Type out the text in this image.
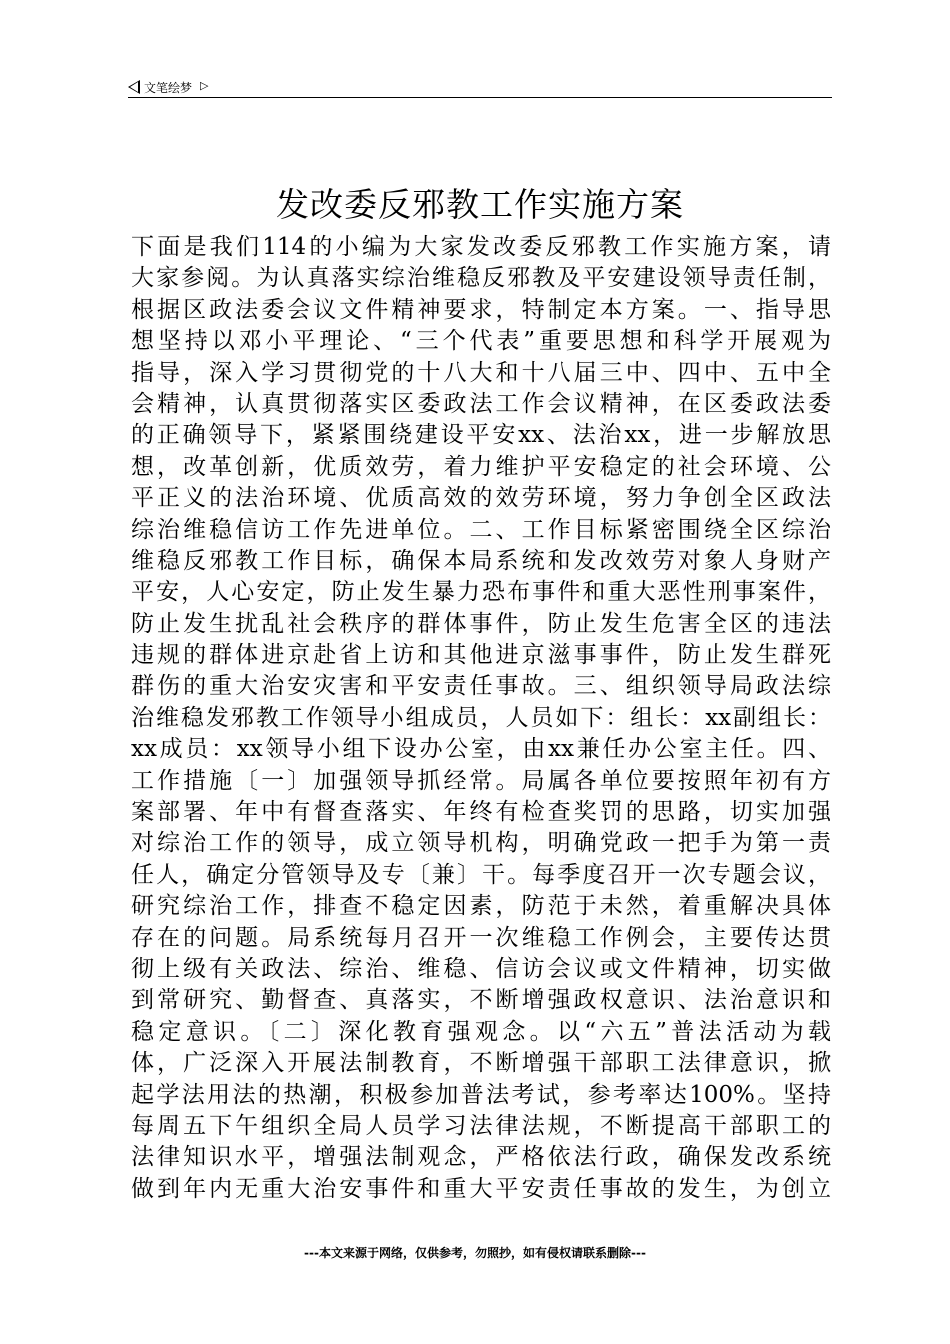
文笔绘梦 ▷
发改委反邪教工作实施方案
下面是我们114的小编为大家发改委反邪教工作实施方案，请
大家参阅。为认真落实综治维稳反邪教及平安建设领导责任制，
根据区政法委会议文件精神要求，特制定本方案。一、指导思
想坚持以邓小平理论、“三个代表”重要思想和科学开展观为
指导，深入学习贯彻党的十八大和十八届三中、四中、五中全
会精神，认真贯彻落实区委政法工作会议精神，在区委政法委
的正确领导下，紧紧围绕建设平安xx、法治xx，进一步解放思
想，改革创新，优质效劳，着力维护平安稳定的社会环境、公
平正义的法治环境、优质高效的效劳环境，努力争创全区政法
综治维稳信访工作先进单位。二、工作目标紧密围绕全区综治
维稳反邪教工作目标，确保本局系统和发改效劳对象人身财产
平安，人心安定，防止发生暴力恐布事件和重大恶性刑事案件，
防止发生扰乱社会秩序的群体事件，防止发生危害全区的违法
违规的群体进京赴省上访和其他进京滋事事件，防止发生群死
群伤的重大治安灾害和平安责任事故。三、组织领导局政法综
治维稳发邪教工作领导小组成员，人员如下：组长：xx副组长：
xx成员：xx领导小组下设办公室，由xx兼任办公室主任。四、
工作措施〔一〕加强领导抓经常。局属各单位要按照年初有方
案部署、年中有督查落实、年终有检查奖罚的思路，切实加强
对综治工作的领导，成立领导机构，明确党政一把手为第一责
任人，确定分管领导及专〔兼〕干。每季度召开一次专题会议，
研究综治工作，排查不稳定因素，防范于未然，着重解决具体
存在的问题。局系统每月召开一次维稳工作例会，主要传达贯
彻上级有关政法、综治、维稳、信访会议或文件精神，切实做
到常研究、勤督查、真落实，不断增强政权意识、法治意识和
稳定意识。〔二〕深化教育强观念。以“六五”普法活动为载
体，广泛深入开展法制教育，不断增强干部职工法律意识，掀
起学法用法的热潮，积极参加普法考试，参考率达100%。坚持
每周五下午组织全局人员学习法律法规，不断提高干部职工的
法律知识水平，增强法制观念，严格依法行政，确保发改系统
做到年内无重大治安事件和重大平安责任事故的发生，为创立
---本文来源于网络，仅供参考，勿照抄，如有侵权请联系删除---
